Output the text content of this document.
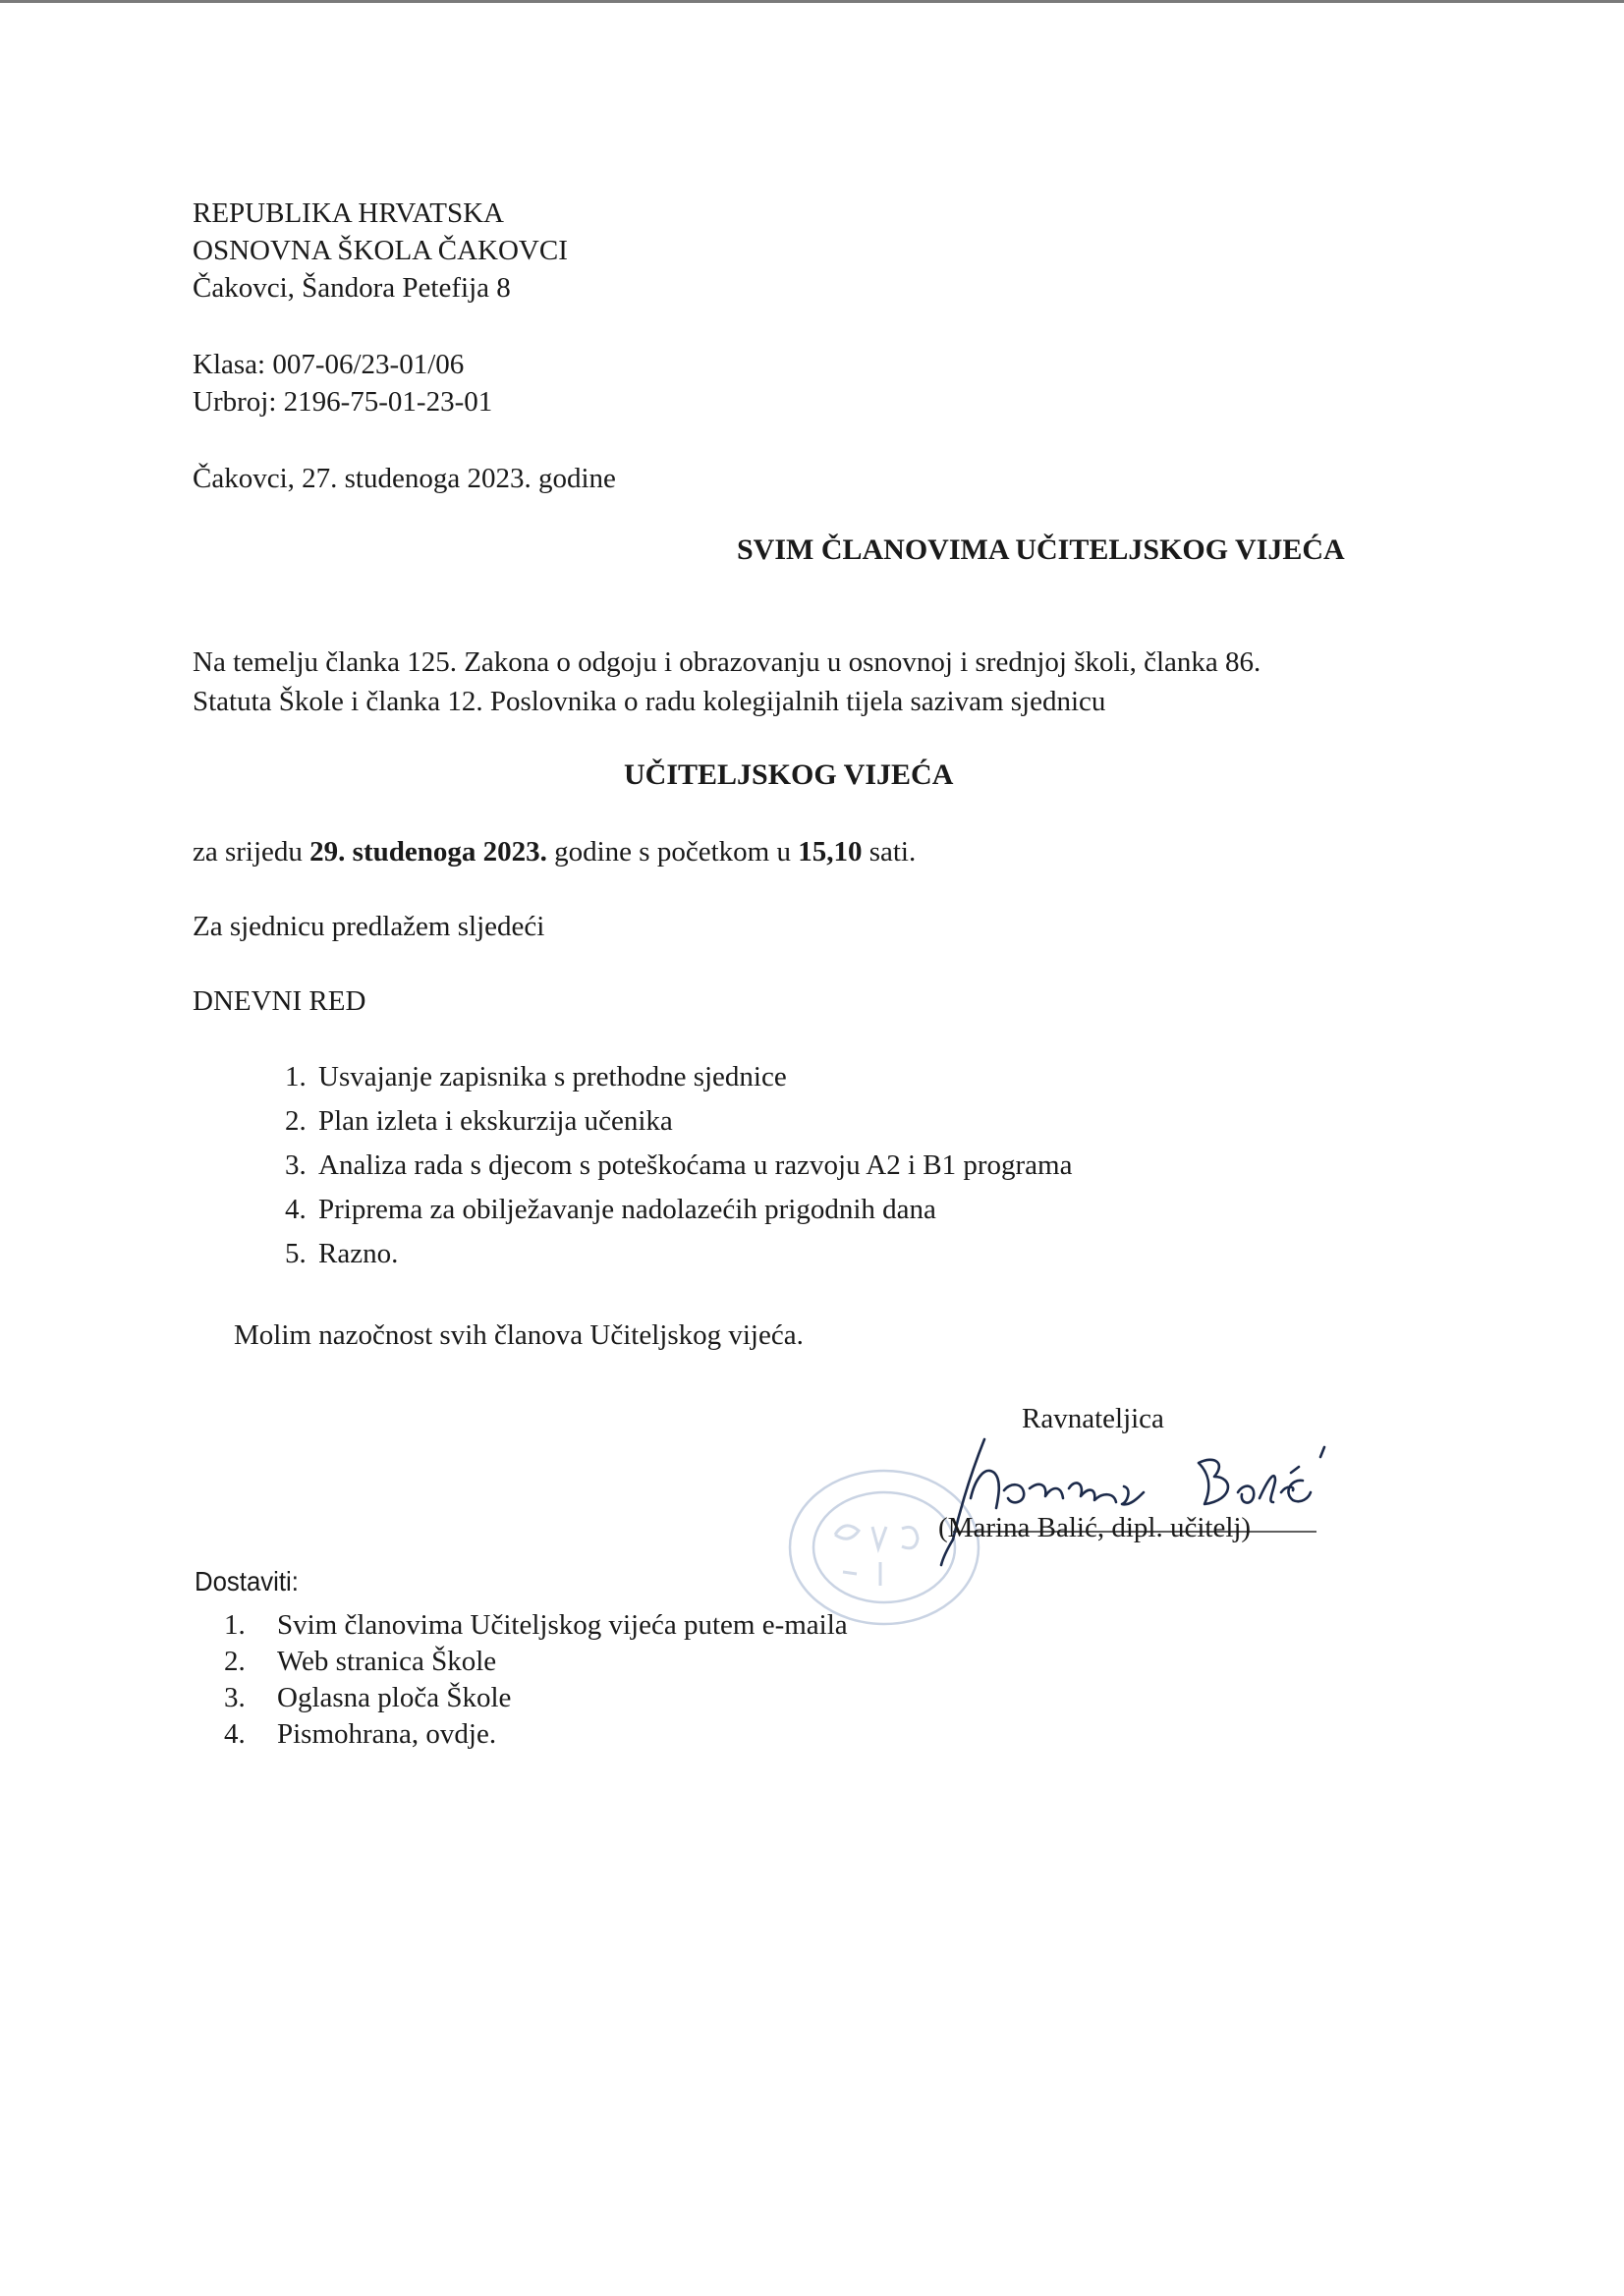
REPUBLIKA HRVATSKA
OSNOVNA ŠKOLA ČAKOVCI
Čakovci, Šandora Petefija 8
Klasa: 007-06/23-01/06
Urbroj: 2196-75-01-23-01
Čakovci, 27. studenoga 2023. godine
SVIM ČLANOVIMA UČITELJSKOG VIJEĆA
Na temelju članka 125. Zakona o odgoju i obrazovanju u osnovnoj i srednjoj školi, članka 86.
Statuta Škole i članka 12. Poslovnika o radu kolegijalnih tijela sazivam sjednicu
UČITELJSKOG VIJEĆA
za srijedu 29. studenoga 2023. godine s početkom u 15,10 sati.
Za sjednicu predlažem sljedeći
DNEVNI RED
1. Usvajanje zapisnika s prethodne sjednice
2. Plan izleta i ekskurzija učenika
3. Analiza rada s djecom s poteškoćama u razvoju A2 i B1 programa
4. Priprema za obilježavanje nadolazećih prigodnih dana
5. Razno.
Molim nazočnost svih članova Učiteljskog vijeća.
Ravnateljica
(Marina Balić, dipl. učitelj)
Dostaviti:
1. Svim članovima Učiteljskog vijeća putem e-maila
2. Web stranica Škole
3. Oglasna ploča Škole
4. Pismohrana, ovdje.
